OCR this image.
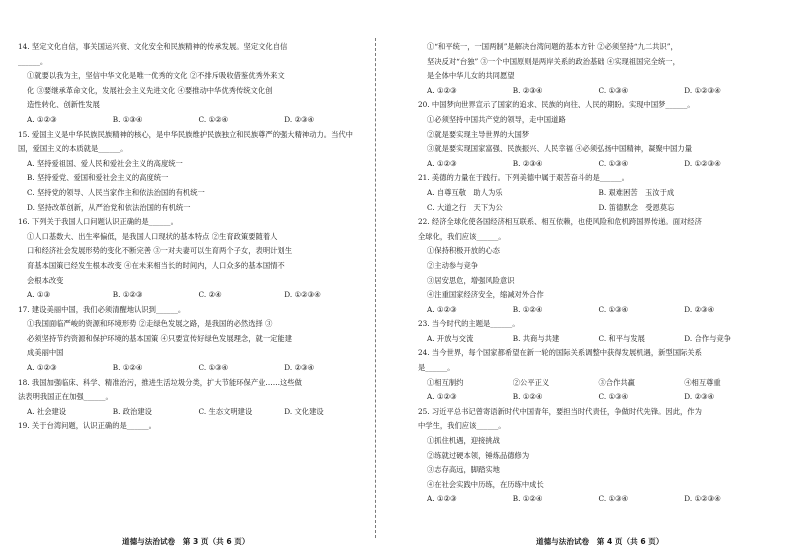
14. 坚定文化自信，事关国运兴衰、文化安全和民族精神的传承发展。坚定文化自信
______。
①就要以我为主，坚信中华文化是唯一优秀的文化 ②不排斥吸收借鉴优秀外来文
化 ③要继承革命文化，发展社会主义先进文化 ④要推动中华优秀传统文化创
造性转化、创新性发展
A. ①②③	B. ①③④	C. ①②④	D. ②③④
15. 爱国主义是中华民族民族精神的核心，是中华民族维护民族独立和民族尊严的强大精神动力。当代中
国，爱国主义的本质就是______。
A. 坚持爱祖国、爱人民和爱社会主义的高度统一
B. 坚持爱党、爱国和爱社会主义的高度统一
C. 坚持党的领导、人民当家作主和依法治国的有机统一
D. 坚持改革创新，从严治党和依法治国的有机统一
16. 下列关于我国人口问题认识正确的是______。
①人口基数大、出生率偏低，是我国人口现状的基本特点 ②生育政策要随着人
口和经济社会发展形势的变化不断完善 ③一对夫妻可以生育两个子女，表明计划生
育基本国策已经发生根本改变 ④在未来相当长的时间内，人口众多的基本国情不
会根本改变
A. ①③	B. ①②③	C. ②④	D. ①②③④
17. 建设美丽中国，我们必须清醒地认识到______。
①我国面临严峻的资源和环境形势 ②走绿色发展之路，是我国的必然选择 ③
必须坚持节约资源和保护环境的基本国策 ④只要宣传好绿色发展理念，就一定能建
成美丽中国
A. ①②③	B. ①②④	C. ①③④	D. ②③④
18. 我国加强临床、科学、精准治污，推进生活垃圾分类，扩大节能环保产业……这些做
法表明我国正在加强______。
A. 社会建设	B. 政治建设	C. 生态文明建设	D. 文化建设
19. 关于台湾问题，认识正确的是______。
①“和平统一，一国两制”是解决台湾问题的基本方针 ②必须坚持“九二共识”，
坚决反对“台独” ③一个中国原则是两岸关系的政治基础 ④实现祖国完全统一，
是全体中华儿女的共同愿望
A. ①②③	B. ②③④	C. ①③④	D. ①②③④
20. 中国梦向世界宣示了国家的追求、民族的向往、人民的期盼。实现中国梦______。
①必须坚持中国共产党的领导，走中国道路
②就是要实现主导世界的大国梦
③就是要实现国家富强、民族振兴、人民幸福 ④必须弘扬中国精神，凝聚中国力量
A. ①②③	B. ②③④	C. ①③④	D. ①②③④
21. 美德的力量在于践行。下列美德中属于艰苦奋斗的是______。
A. 自尊互敬　助人为乐	B. 艰难困苦　玉汝于成
C. 大道之行　天下为公	D. 笛德默念　受恩莫忘
22. 经济全球化使各国经济相互联系、相互依赖，也使风险和危机跨国界传递。面对经济
全球化，我们应该______。
①保持积极开放的心态
②主动参与竞争
③居安思危，增强风险意识
④注重国家经济安全，缩减对外合作
A. ①②③	B. ①②④	C. ①③④	D. ②③④
23. 当今时代的主题是______。
A. 开放与交流	B. 共商与共建	C. 和平与发展	D. 合作与竞争
24. 当今世界，每个国家都希望在新一轮的国际关系调整中获得发展机遇，新型国际关系
是______。
①相互制约	②公平正义	③合作共赢	④相互尊重
A. ①②③	B. ①②④	C. ①③④	D. ②③④
25. 习近平总书记曾寄语新时代中国青年，要担当时代责任，争做时代先锋。因此，作为
中学生，我们应该______。
①抓住机遇，迎接挑战
②练就过硬本领，锤炼品德修为
③志存高远，脚踏实地
④在社会实践中历练，在历练中成长
A. ①②③	B. ①②④	C. ①③④	D. ①②③④
道德与法治试卷　第 3 页（共 6 页）	道德与法治试卷　第 4 页（共 6 页）
